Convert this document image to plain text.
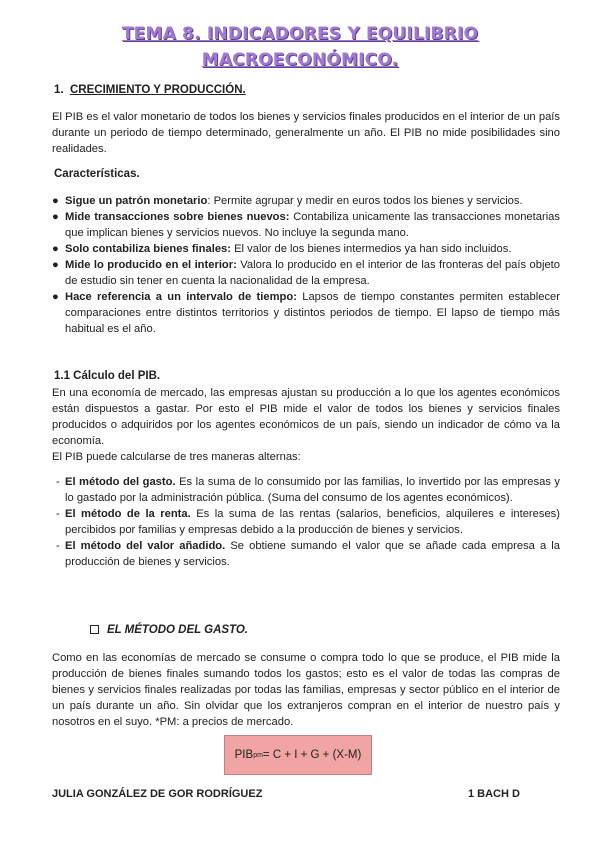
TEMA 8. INDICADORES Y EQUILIBRIO
MACROECONÓMICO.
1. CRECIMIENTO Y PRODUCCIÓN.
El PIB es el valor monetario de todos los bienes y servicios finales producidos en el interior de un país durante un periodo de tiempo determinado, generalmente un año. El PIB no mide posibilidades sino realidades.
Características.
● Sigue un patrón monetario: Permite agrupar y medir en euros todos los bienes y servicios.
● Mide transacciones sobre bienes nuevos: Contabiliza unicamente las transacciones monetarias que implican bienes y servicios nuevos. No incluye la segunda mano.
● Solo contabiliza bienes finales: El valor de los bienes intermedios ya han sido incluidos.
● Mide lo producido en el interior: Valora lo producido en el interior de las fronteras del país objeto de estudio sin tener en cuenta la nacionalidad de la empresa.
● Hace referencia a un intervalo de tiempo: Lapsos de tiempo constantes permiten establecer comparaciones entre distintos territorios y distintos periodos de tiempo. El lapso de tiempo más habitual es el año.
1.1 Cálculo del PIB.
En una economía de mercado, las empresas ajustan su producción a lo que los agentes económicos están dispuestos a gastar. Por esto el PIB mide el valor de todos los bienes y servicios finales producidos o adquiridos por los agentes económicos de un país, siendo un indicador de cómo va la economía.
El PIB puede calcularse de tres maneras alternas:
- El método del gasto. Es la suma de lo consumido por las familias, lo invertido por las empresas y lo gastado por la administración pública. (Suma del consumo de los agentes económicos).
- El método de la renta. Es la suma de las rentas (salarios, beneficios, alquileres e intereses) percibidos por familias y empresas debido a la producción de bienes y servicios.
- El método del valor añadido. Se obtiene sumando el valor que se añade cada empresa a la producción de bienes y servicios.
EL MÉTODO DEL GASTO.
Como en las economías de mercado se consume o compra todo lo que se produce, el PIB mide la producción de bienes finales sumando todos los gastos; esto es el valor de todas las compras de bienes y servicios finales realizadas por todas las familias, empresas y sector público en el interior de un país durante un año. Sin olvidar que los extranjeros compran en el interior de nuestro país y nosotros en el suyo. *PM: a precios de mercado.
PIB pm = C + I + G + (X-M)
JULIA GONZÁLEZ DE GOR RODRÍGUEZ	1 BACH D
